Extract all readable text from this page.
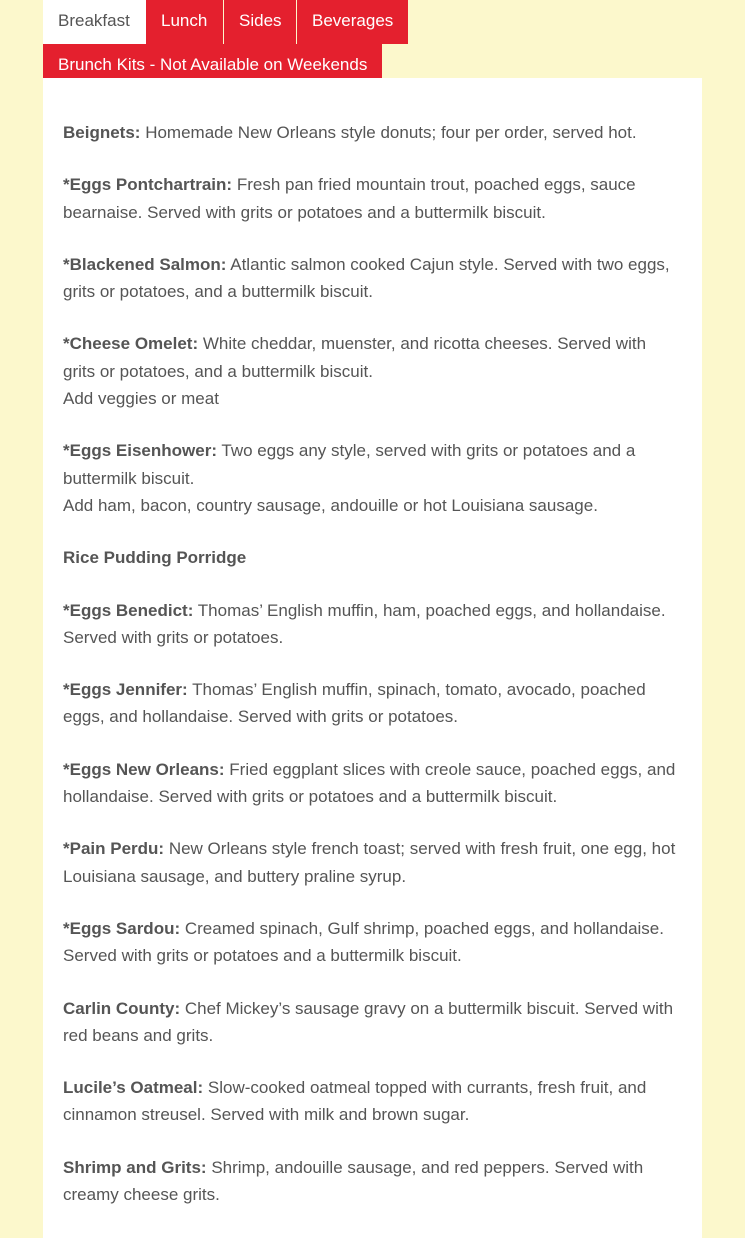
Breakfast	Lunch	Sides	Beverages
Brunch Kits - Not Available on Weekends

Beignets: Homemade New Orleans style donuts; four per order, served hot.

*Eggs Pontchartrain: Fresh pan fried mountain trout, poached eggs, sauce bearnaise. Served with grits or potatoes and a buttermilk biscuit.

*Blackened Salmon: Atlantic salmon cooked Cajun style. Served with two eggs, grits or potatoes, and a buttermilk biscuit.

*Cheese Omelet: White cheddar, muenster, and ricotta cheeses. Served with grits or potatoes, and a buttermilk biscuit.
Add veggies or meat

*Eggs Eisenhower: Two eggs any style, served with grits or potatoes and a buttermilk biscuit.
Add ham, bacon, country sausage, andouille or hot Louisiana sausage.

Rice Pudding Porridge

*Eggs Benedict: Thomas’ English muffin, ham, poached eggs, and hollandaise. Served with grits or potatoes.

*Eggs Jennifer: Thomas’ English muffin, spinach, tomato, avocado, poached eggs, and hollandaise. Served with grits or potatoes.

*Eggs New Orleans: Fried eggplant slices with creole sauce, poached eggs, and hollandaise. Served with grits or potatoes and a buttermilk biscuit.

*Pain Perdu: New Orleans style french toast; served with fresh fruit, one egg, hot Louisiana sausage, and buttery praline syrup.

*Eggs Sardou: Creamed spinach, Gulf shrimp, poached eggs, and hollandaise. Served with grits or potatoes and a buttermilk biscuit.

Carlin County: Chef Mickey’s sausage gravy on a buttermilk biscuit. Served with red beans and grits.

Lucile’s Oatmeal: Slow-cooked oatmeal topped with currants, fresh fruit, and cinnamon streusel. Served with milk and brown sugar.

Shrimp and Grits: Shrimp, andouille sausage, and red peppers. Served with creamy cheese grits.
